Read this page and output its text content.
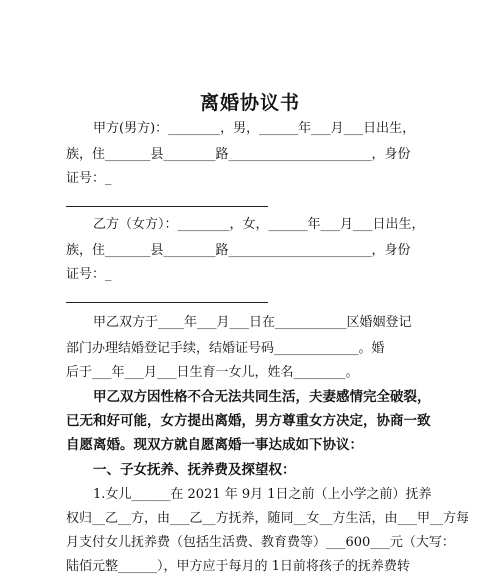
离婚协议书
甲方(男方)：________，男，______年___月___日出生，
族，住_______县________路______________________，身份
证号：_
乙方（女方）：________，女，______年___月___日出生，
族，住_______县________路______________________，身份
证号：_
甲乙双方于____年___月___日在___________区婚姻登记
部门办理结婚登记手续，结婚证号码_____________。婚
后于___年___月___日生育一女儿，姓名________。
甲乙双方因性格不合无法共同生活，夫妻感情完全破裂，
已无和好可能，女方提出离婚，男方尊重女方决定，协商一致
自愿离婚。现双方就自愿离婚一事达成如下协议：
一、子女抚养、抚养费及探望权：
1.女儿______在 2021 年 9月 1日之前（上小学之前）抚养
权归__乙__方，由___乙__方抚养，随同__女__方生活，由___甲__方每
月支付女儿抚养费（包括生活费、教育费等）___600___元（大写：
陆佰元整______），甲方应于每月的 1日前将孩子的抚养费转
